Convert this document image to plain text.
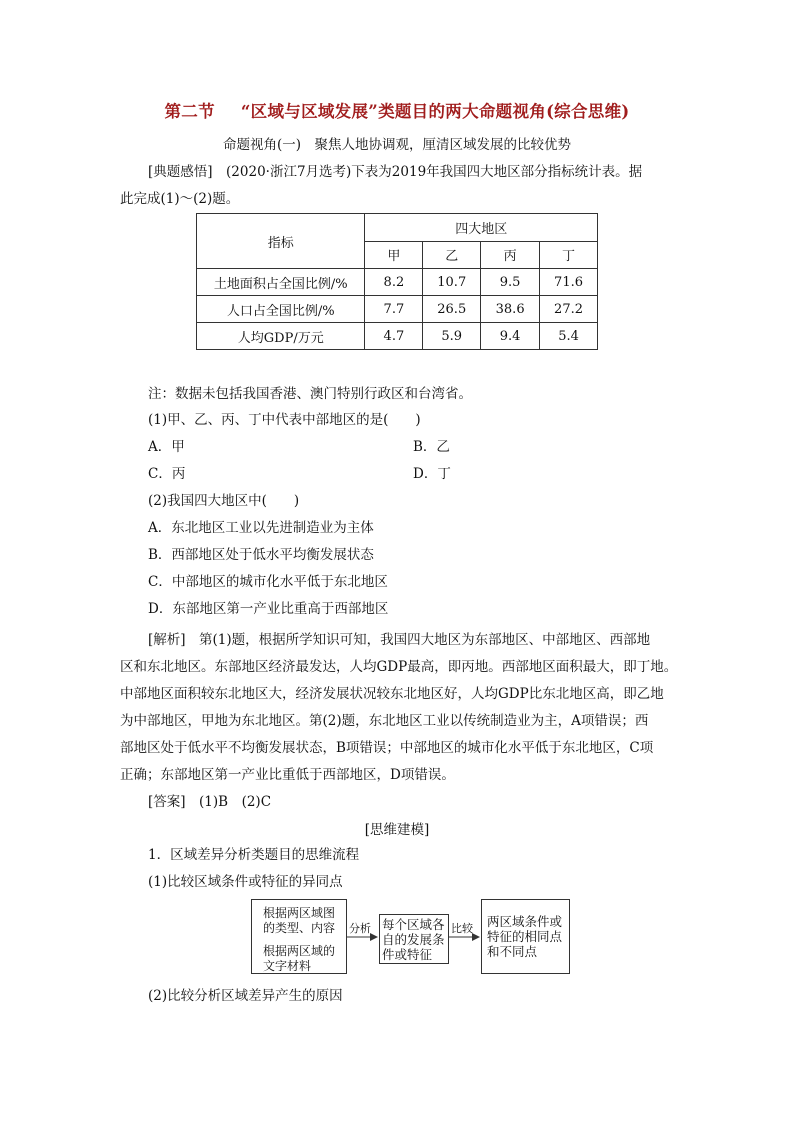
第二节 “区域与区域发展”类题目的两大命题视角(综合思维)
命题视角(一)　聚焦人地协调观，厘清区域发展的比较优势
[典题感悟]　(2020·浙江7月选考)下表为2019年我国四大地区部分指标统计表。据
此完成(1)～(2)题。
指标	四大地区			
	甲	乙	丙	丁
土地面积占全国比例/%	8.2	10.7	9.5	71.6
人口占全国比例/%	7.7	26.5	38.6	27.2
人均GDP/万元	4.7	5.9	9.4	5.4
注：数据未包括我国香港、澳门特别行政区和台湾省。
(1)甲、乙、丙、丁中代表中部地区的是(　　)
A．甲	B．乙
C．丙	D．丁
(2)我国四大地区中(　　)
A．东北地区工业以先进制造业为主体
B．西部地区处于低水平均衡发展状态
C．中部地区的城市化水平低于东北地区
D．东部地区第一产业比重高于西部地区
[解析]　第(1)题，根据所学知识可知，我国四大地区为东部地区、中部地区、西部地
区和东北地区。东部地区经济最发达，人均GDP最高，即丙地。西部地区面积最大，即丁地。
中部地区面积较东北地区大，经济发展状况较东北地区好，人均GDP比东北地区高，即乙地
为中部地区，甲地为东北地区。第(2)题，东北地区工业以传统制造业为主，A项错误；西
部地区处于低水平不均衡发展状态，B项错误；中部地区的城市化水平低于东北地区，C项
正确；东部地区第一产业比重低于西部地区，D项错误。
[答案]　(1)B　(2)C
[思维建模]
1．区域差异分析类题目的思维流程
(1)比较区域条件或特征的异同点
根据两区域图
的类型、内容
根据两区域的
文字材料
分析 每个区域各
自的发展条
件或特征
比较 两区域条件或
特征的相同点
和不同点
(2)比较分析区域差异产生的原因
